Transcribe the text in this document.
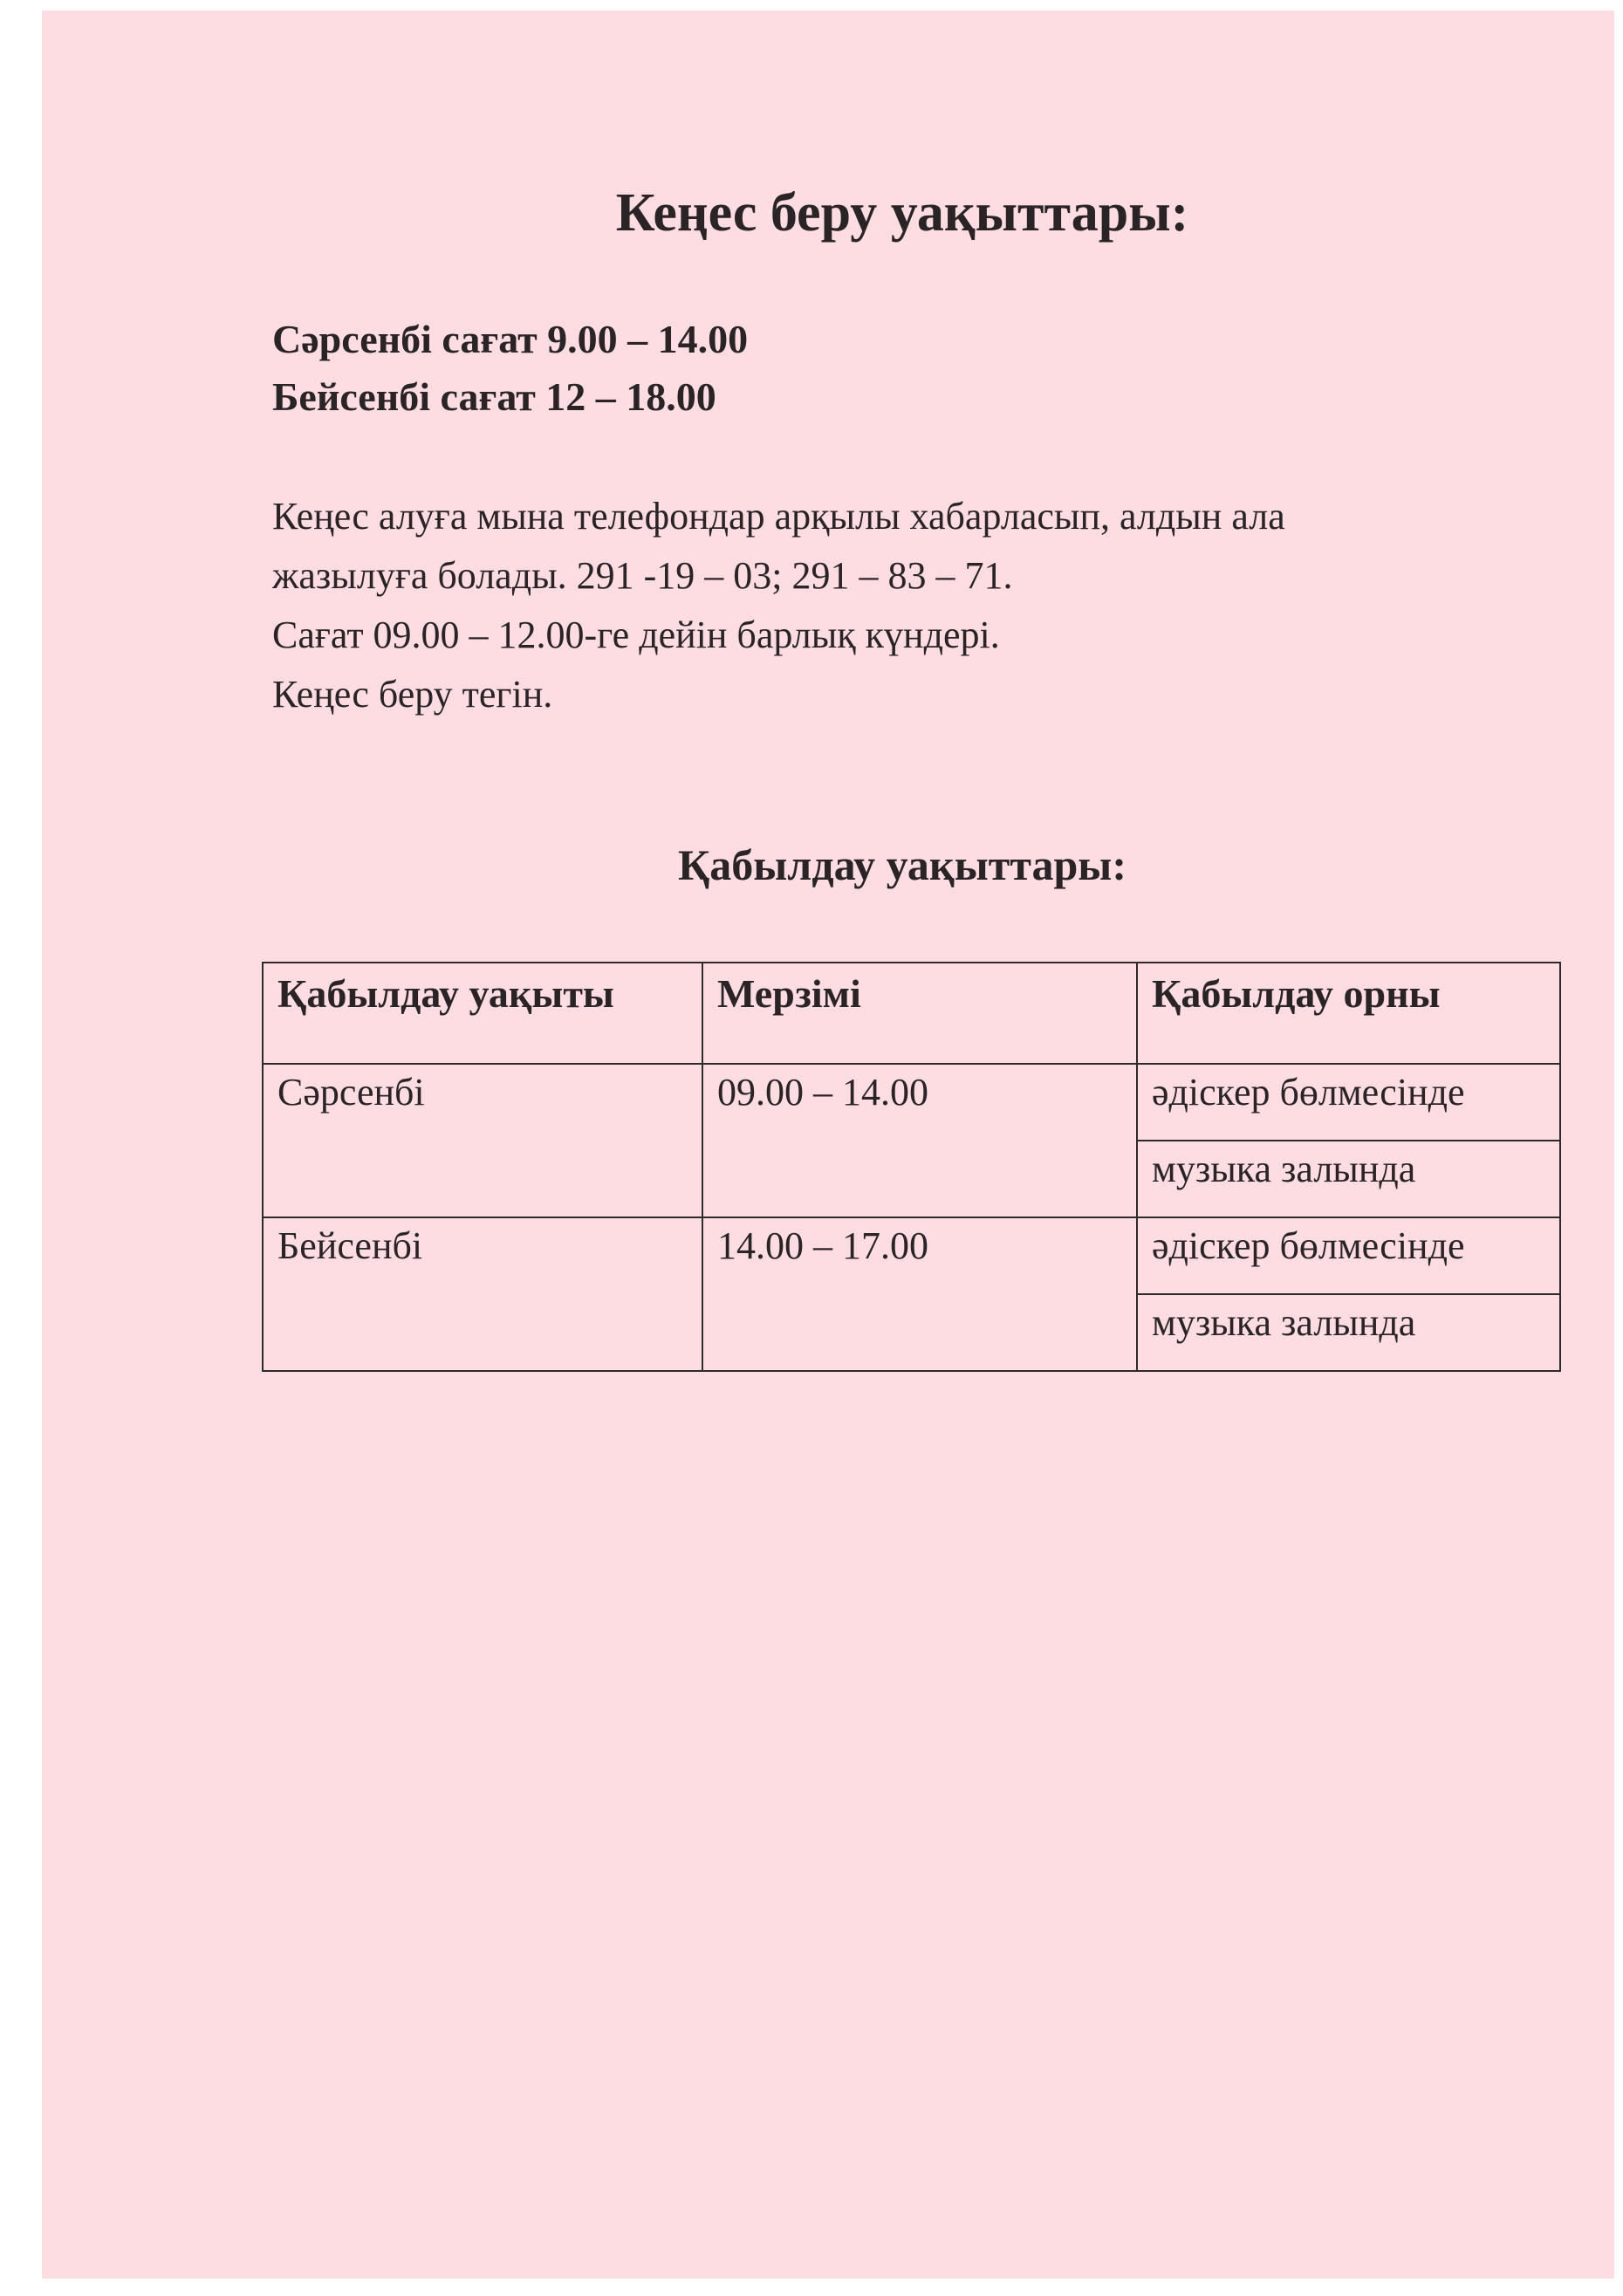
Кеңес беру уақыттары:
Сәрсенбі сағат 9.00 – 14.00
Бейсенбі сағат 12 – 18.00
Кеңес алуға мына телефондар арқылы хабарласып, алдын ала
жазылуға болады. 291 -19 – 03; 291 – 83 – 71.
Сағат 09.00 – 12.00-ге дейін барлық күндері.
Кеңес беру тегін.
Қабылдау уақыттары:
Қабылдау уақыты	Мерзімі	Қабылдау орны
Сәрсенбі	09.00 – 14.00	әдіскер бөлмесінде
		музыка залында
Бейсенбі	14.00 – 17.00	әдіскер бөлмесінде
		музыка залында
